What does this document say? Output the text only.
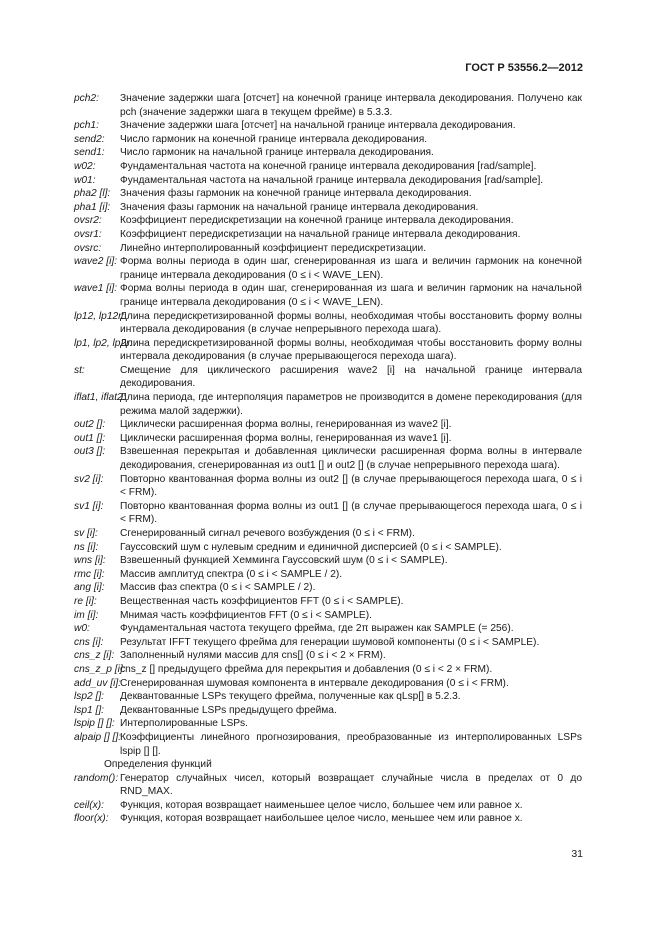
ГОСТ Р 53556.2—2012
pch2:	Значение задержки шага [отсчет] на конечной границе интервала декодирования. Получено как pch (значение задержки шага в текущем фрейме) в 5.3.3.
pch1:	Значение задержки шага [отсчет] на начальной границе интервала декодирования.
send2:	Число гармоник на конечной границе интервала декодирования.
send1:	Число гармоник на начальной границе интервала декодирования.
w02:	Фундаментальная частота на конечной границе интервала декодирования [rad/sample].
w01:	Фундаментальная частота на начальной границе интервала декодирования [rad/sample].
pha2 [l]: Значения фазы гармоник на конечной границе интервала декодирования.
pha1 [i]: Значения фазы гармоник на начальной границе интервала декодирования.
ovsr2:	Коэффициент передискретизации на конечной границе интервала декодирования.
ovsr1:	Коэффициент передискретизации на начальной границе интервала декодирования.
ovsrc:	Линейно интерполированный коэффициент передискретизации.
wave2 [i]: Форма волны периода в один шаг, сгенерированная из шага и величин гармоник на конечной границе интервала декодирования (0 ≤ i < WAVE_LEN).
wave1 [i]: Форма волны периода в один шаг, сгенерированная из шага и величин гармоник на начальной границе интервала декодирования (0 ≤ i < WAVE_LEN).
lp12, lp12r:
Длина передискретизированной формы волны, необходимая чтобы восстановить форму волны интервала декодирования (в случае непрерывного перехода шага).
lp1, lp2, lp2r:
Длина передискретизированной формы волны, необходимая чтобы восстановить форму волны интервала декодирования (в случае прерывающегося перехода шага).
st:	Смещение для циклического расширения wave2 [i] на начальной границе интервала декодирования.
iflat1, iflat2:
Длина периода, где интерполяция параметров не производится в домене перекодирования (для режима малой задержки).
out2 []:	Циклически расширенная форма волны, генерированная из wave2 [i].
out1 []:	Циклически расширенная форма волны, генерированная из wave1 [i].
out3 []:	Взвешенная перекрытая и добавленная циклически расширенная форма волны в интервале декодирования, сгенерированная из out1 [] и out2 [] (в случае непрерывного перехода шага).
sv2 [i]:	Повторно квантованная форма волны из out2 [] (в случае прерывающегося перехода шага, 0 ≤ i < FRM).
sv1 [i]:	Повторно квантованная форма волны из out1 [] (в случае прерывающегося перехода шага, 0 ≤ i < FRM).
sv [i]:	Сгенерированный сигнал речевого возбуждения (0 ≤ i < FRM).
ns [i]:	Гауссовский шум с нулевым средним и единичной дисперсией (0 ≤ i < SAMPLE).
wns [i]:	Взвешенный функцией Хемминга Гауссовский шум (0 ≤ i < SAMPLE).
rmc [i]:	Массив амплитуд спектра (0 ≤ i < SAMPLE / 2).
ang [i]:	Массив фаз спектра (0 ≤ i < SAMPLE / 2).
re [i]:	Вещественная часть коэффициентов FFT (0 ≤ i < SAMPLE).
im [i]:	Мнимая часть коэффициентов FFT (0 ≤ i < SAMPLE).
w0:	Фундаментальная частота текущего фрейма, где 2π выражен как SAMPLE (= 256).
cns [i]:	Результат IFFT текущего фрейма для генерации шумовой компоненты (0 ≤ i < SAMPLE).
cns_z [i]: Заполненный нулями массив для cns[] (0 ≤ i < 2 × FRM).
cns_z_p [i]:
cns_z [] предыдущего фрейма для перекрытия и добавления (0 ≤ i < 2 × FRM).
add_uv [i]:
Сгенерированная шумовая компонента в интервале декодирования (0 ≤ i < FRM).
lsp2 []:	Деквантованные LSPs текущего фрейма, полученные как qLsp[] в 5.2.3.
lsp1 []:	Деквантованные LSPs предыдущего фрейма.
lspip [] []: Интерполированные LSPs.
alpaip [] []:
Коэффициенты линейного прогнозирования, преобразованные из интерполированных LSPs lspip [] [].
Определения функций
random(): Генератор случайных чисел, который возвращает случайные числа в пределах от 0 до RND_MAX.
ceil(x):	Функция, которая возвращает наименьшее целое число, большее чем или равное x.
floor(x):	Функция, которая возвращает наибольшее целое число, меньшее чем или равное x.
31
